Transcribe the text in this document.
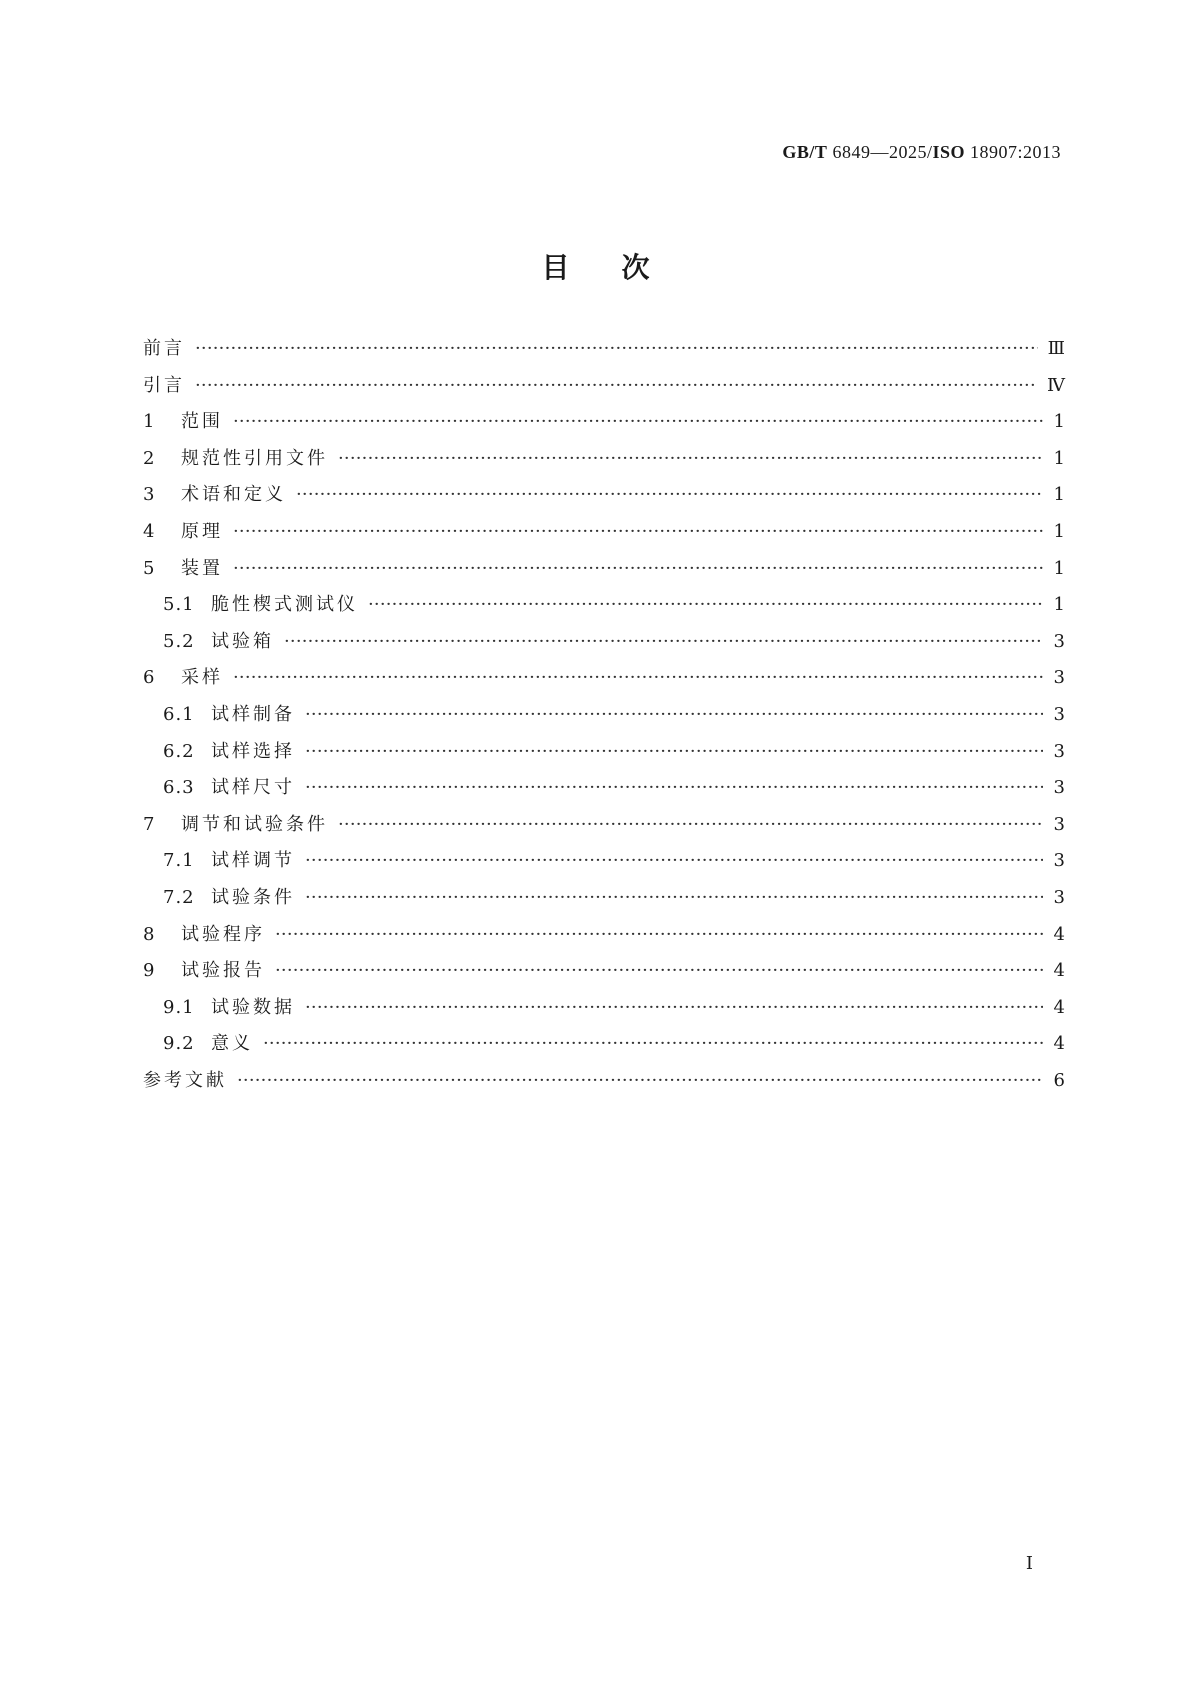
GB/T 6849—2025/ISO 18907:2013
目次
前言 ·····	Ⅲ
引言 ·····	Ⅳ
1	范围 ·····	1
2	规范性引用文件 ·····	1
3	术语和定义 ·····	1
4	原理 ·····	1
5	装置 ·····	1
5.1 脆性楔式测试仪 ·····	1
5.2 试验箱 ·····	3
6	采样 ·····	3
6.1 试样制备 ·····	3
6.2 试样选择 ·····	3
6.3 试样尺寸 ·····	3
7	调节和试验条件 ·····	3
7.1 试样调节 ·····	3
7.2 试验条件 ·····	3
8	试验程序 ·····	4
9	试验报告 ·····	4
9.1 试验数据 ·····	4
9.2 意义 ·····	4
参考文献 ·····	6
Ⅰ
